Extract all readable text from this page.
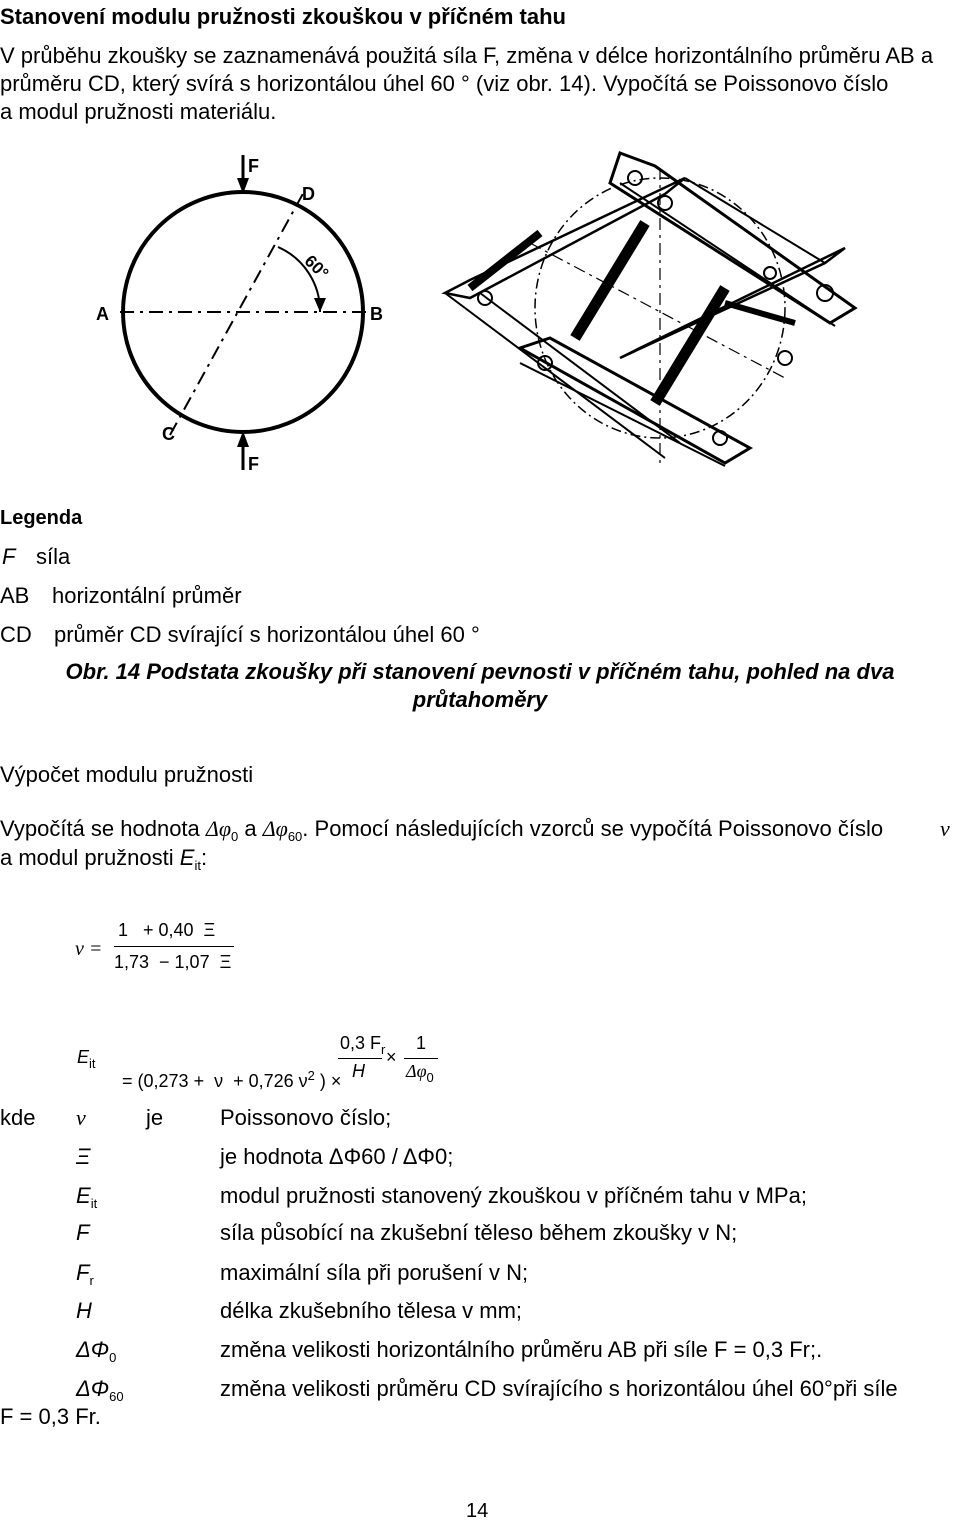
Stanovení modulu pružnosti zkouškou v příčném tahu
V průběhu zkoušky se zaznamenává použitá síla F, změna v délce horizontálního průměru AB a
průměru CD, který svírá s horizontálou úhel 60 ° (viz obr. 14). Vypočítá se Poissonovo číslo
a modul pružnosti materiálu.
F
D
60°
A	B
C
F
Legenda
F síla
AB horizontální průměr
CD průměr CD svírající s horizontálou úhel 60 °
Obr. 14 Podstata zkoušky při stanovení pevnosti v příčném tahu, pohled na dva
průtahoměry
Výpočet modulu pružnosti
Vypočítá se hodnota $\Delta\varphi_0$ a $\Delta\varphi_{60}$. Pomocí následujících vzorců se vypočítá Poissonovo číslo	ν
a modul pružnosti $E_{it}$:
ν =
1   + 0,40  Ξ
1,73  − 1,07  Ξ
$E_{it}$

= (0,273 +  ν  + 0,726 $\nu^2$ ) ×

0,3 $F_r$
H
×
1
$\Delta\varphi_0$
kde ν	je	Poissonovo číslo;
Ξ	je hodnota ΔΦ60 / ΔΦ0;
$E_{it}$	modul pružnosti stanovený zkouškou v příčném tahu v MPa;
F	síla působící na zkušební těleso během zkoušky v N;
$F_r$	maximální síla při porušení v N;
H	délka zkušebního tělesa v mm;
$\Delta\Phi_0$	změna velikosti horizontálního průměru AB při síle F = 0,3 Fr;.
$\Delta\Phi_{60}$	změna velikosti průměru CD svírajícího s horizontálou úhel 60°při síle
F = 0,3 Fr.
14
